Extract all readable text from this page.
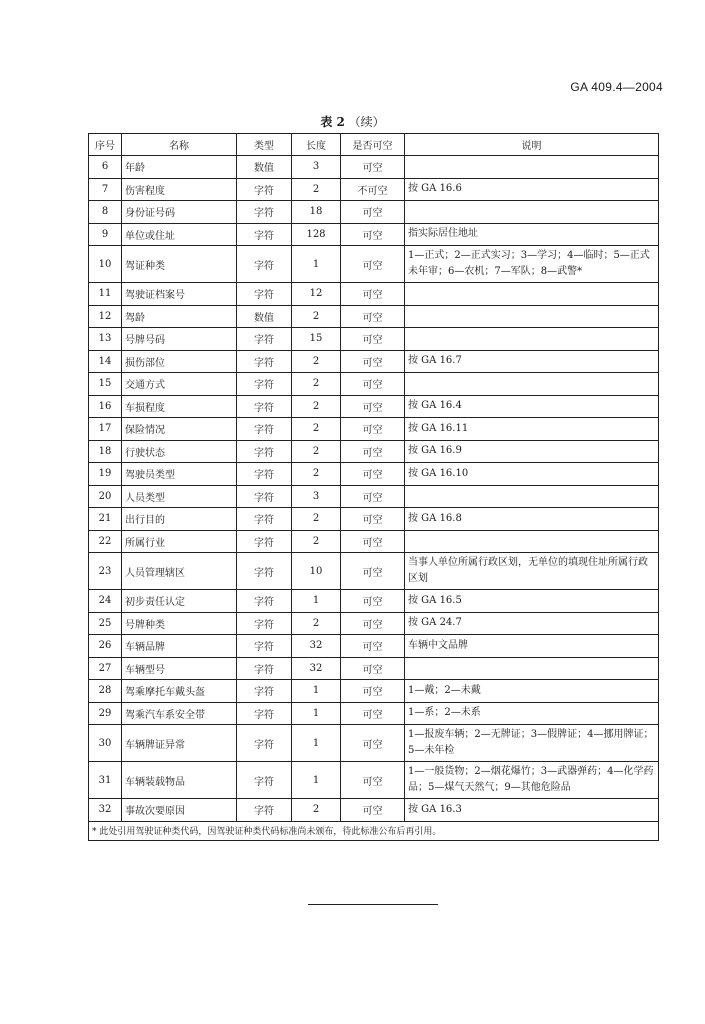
GA 409.4—2004
表 2 （续）
序号	名称	类型	长度	是否可空	说明
6	年龄	数值	3	可空	
7	伤害程度	字符	2	不可空	按 GA 16.6
8	身份证号码	字符	18	可空	
9	单位或住址	字符	128	可空	指实际居住地址
10	驾证种类	字符	1	可空	1—正式；2—正式实习；3—学习；4—临时；5—正式未年审；6—农机；7—军队；8—武警*
11	驾驶证档案号	字符	12	可空	
12	驾龄	数值	2	可空	
13	号牌号码	字符	15	可空	
14	损伤部位	字符	2	可空	按 GA 16.7
15	交通方式	字符	2	可空	
16	车损程度	字符	2	可空	按 GA 16.4
17	保险情况	字符	2	可空	按 GA 16.11
18	行驶状态	字符	2	可空	按 GA 16.9
19	驾驶员类型	字符	2	可空	按 GA 16.10
20	人员类型	字符	3	可空	
21	出行目的	字符	2	可空	按 GA 16.8
22	所属行业	字符	2	可空	
23	人员管理辖区	字符	10	可空	当事人单位所属行政区划，无单位的填现住址所属行政区划
24	初步责任认定	字符	1	可空	按 GA 16.5
25	号牌种类	字符	2	可空	按 GA 24.7
26	车辆品牌	字符	32	可空	车辆中文品牌
27	车辆型号	字符	32	可空	
28	驾乘摩托车戴头盔	字符	1	可空	1—戴；2—未戴
29	驾乘汽车系安全带	字符	1	可空	1—系；2—未系
30	车辆牌证异常	字符	1	可空	1—报废车辆；2—无牌证；3—假牌证；4—挪用牌证；5—未年检
31	车辆装载物品	字符	1	可空	1—一般货物；2—烟花爆竹；3—武器弹药；4—化学药品；5—煤气天然气；9—其他危险品
32	事故次要原因	字符	2	可空	按 GA 16.3
* 此处引用驾驶证种类代码，因驾驶证种类代码标准尚未颁布，待此标准公布后再引用。					
